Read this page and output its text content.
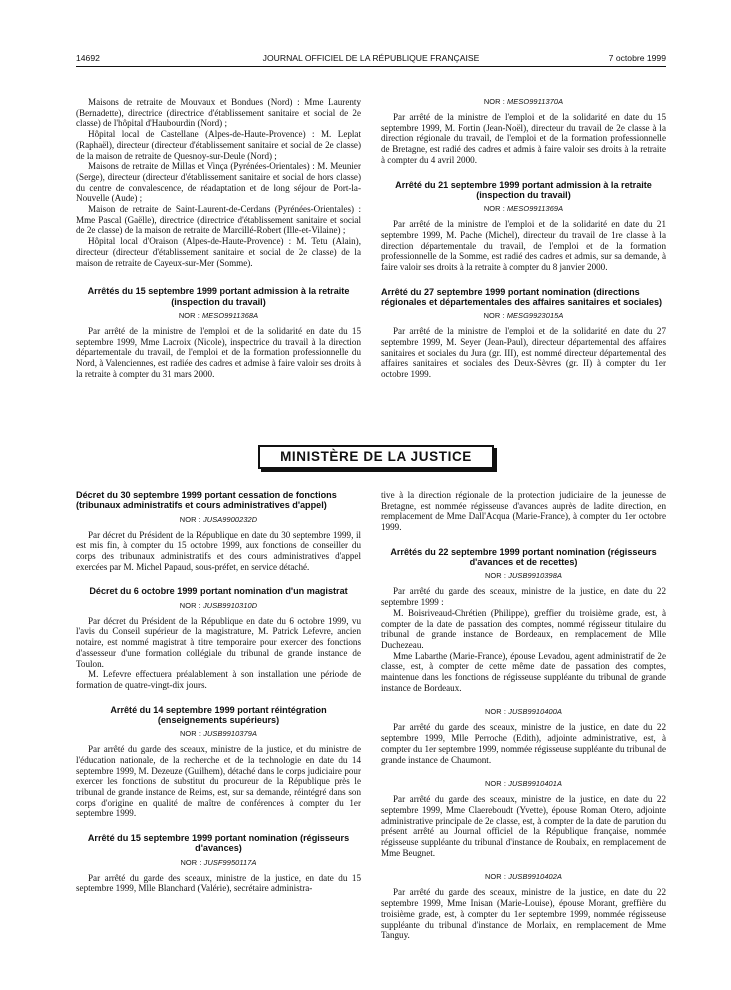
14692	JOURNAL OFFICIEL DE LA RÉPUBLIQUE FRANÇAISE	7 octobre 1999

Maisons de retraite de Mouvaux et Bondues (Nord) : Mme Laurenty (Bernadette), directrice (directrice d'établissement sanitaire et social de 2e classe) de l'hôpital d'Haubourdin (Nord) ;

Hôpital local de Castellane (Alpes-de-Haute-Provence) : M. Leplat (Raphaël), directeur (directeur d'établissement sanitaire et social de 2e classe) de la maison de retraite de Quesnoy-sur-Deule (Nord) ;

Maisons de retraite de Millas et Vinça (Pyrénées-Orientales) : M. Meunier (Serge), directeur (directeur d'établissement sanitaire et social de hors classe) du centre de convalescence, de réadaptation et de long séjour de Port-la-Nouvelle (Aude) ;

Maison de retraite de Saint-Laurent-de-Cerdans (Pyrénées-Orientales) : Mme Pascal (Gaëlle), directrice (directrice d'établissement sanitaire et social de 2e classe) de la maison de retraite de Marcillé-Robert (Ille-et-Vilaine) ;

Hôpital local d'Oraison (Alpes-de-Haute-Provence) : M. Tetu (Alain), directeur (directeur d'établissement sanitaire et social de 2e classe) de la maison de retraite de Cayeux-sur-Mer (Somme).

Arrêtés du 15 septembre 1999 portant admission à la retraite (inspection du travail)
NOR : MESO9911368A

Par arrêté de la ministre de l'emploi et de la solidarité en date du 15 septembre 1999, Mme Lacroix (Nicole), inspectrice du travail à la direction départementale du travail, de l'emploi et de la formation professionnelle du Nord, à Valenciennes, est radiée des cadres et admise à faire valoir ses droits à la retraite à compter du 31 mars 2000.

NOR : MESO9911370A

Par arrêté de la ministre de l'emploi et de la solidarité en date du 15 septembre 1999, M. Fortin (Jean-Noël), directeur du travail de 2e classe à la direction régionale du travail, de l'emploi et de la formation professionnelle de Bretagne, est radié des cadres et admis à faire valoir ses droits à la retraite à compter du 4 avril 2000.

Arrêté du 21 septembre 1999 portant admission à la retraite (inspection du travail)
NOR : MESO9911369A

Par arrêté de la ministre de l'emploi et de la solidarité en date du 21 septembre 1999, M. Pache (Michel), directeur du travail de 1re classe à la direction départementale du travail, de l'emploi et de la formation professionnelle de la Somme, est radié des cadres et admis, sur sa demande, à faire valoir ses droits à la retraite à compter du 8 janvier 2000.

Arrêté du 27 septembre 1999 portant nomination (directions régionales et départementales des affaires sanitaires et sociales)
NOR : MESG9923015A

Par arrêté de la ministre de l'emploi et de la solidarité en date du 27 septembre 1999, M. Seyer (Jean-Paul), directeur départemental des affaires sanitaires et sociales du Jura (gr. III), est nommé directeur départemental des affaires sanitaires et sociales des Deux-Sèvres (gr. II) à compter du 1er octobre 1999.

MINISTÈRE DE LA JUSTICE
Décret du 30 septembre 1999 portant cessation de fonctions (tribunaux administratifs et cours administratives d'appel)
NOR : JUSA9900232D

Par décret du Président de la République en date du 30 septembre 1999, il est mis fin, à compter du 15 octobre 1999, aux fonctions de conseiller du corps des tribunaux administratifs et des cours administratives d'appel exercées par M. Michel Papaud, sous-préfet, en service détaché.

Décret du 6 octobre 1999 portant nomination d'un magistrat
NOR : JUSB9910310D

Par décret du Président de la République en date du 6 octobre 1999, vu l'avis du Conseil supérieur de la magistrature, M. Patrick Lefevre, ancien notaire, est nommé magistrat à titre temporaire pour exercer des fonctions d'assesseur d'une formation collégiale du tribunal de grande instance de Toulon.

M. Lefevre effectuera préalablement à son installation une période de formation de quatre-vingt-dix jours.

Arrêté du 14 septembre 1999 portant réintégration (enseignements supérieurs)
NOR : JUSB9910379A

Par arrêté du garde des sceaux, ministre de la justice, et du ministre de l'éducation nationale, de la recherche et de la technologie en date du 14 septembre 1999, M. Dezeuze (Guilhem), détaché dans le corps judiciaire pour exercer les fonctions de substitut du procureur de la République près le tribunal de grande instance de Reims, est, sur sa demande, réintégré dans son corps d'origine en qualité de maître de conférences à compter du 1er septembre 1999.

Arrêté du 15 septembre 1999 portant nomination (régisseurs d'avances)
NOR : JUSF9950117A

Par arrêté du garde des sceaux, ministre de la justice, en date du 15 septembre 1999, Mlle Blanchard (Valérie), secrétaire administra-

tive à la direction régionale de la protection judiciaire de la jeunesse de Bretagne, est nommée régisseuse d'avances auprès de ladite direction, en remplacement de Mme Dall'Acqua (Marie-France), à compter du 1er octobre 1999.

Arrêtés du 22 septembre 1999 portant nomination (régisseurs d'avances et de recettes)
NOR : JUSB9910398A

Par arrêté du garde des sceaux, ministre de la justice, en date du 22 septembre 1999 :

M. Boisriveaud-Chrétien (Philippe), greffier du troisième grade, est, à compter de la date de passation des comptes, nommé régisseur titulaire du tribunal de grande instance de Bordeaux, en remplacement de Mlle Duchezeau.

Mme Labarthe (Marie-France), épouse Levadou, agent administratif de 2e classe, est, à compter de cette même date de passation des comptes, maintenue dans les fonctions de régisseuse suppléante du tribunal de grande instance de Bordeaux.

NOR : JUSB9910400A

Par arrêté du garde des sceaux, ministre de la justice, en date du 22 septembre 1999, Mlle Perroche (Edith), adjointe administrative, est, à compter du 1er septembre 1999, nommée régisseuse suppléante du tribunal de grande instance de Chaumont.

NOR : JUSB9910401A

Par arrêté du garde des sceaux, ministre de la justice, en date du 22 septembre 1999, Mme Claereboudt (Yvette), épouse Roman Otero, adjointe administrative principale de 2e classe, est, à compter de la date de parution du présent arrêté au Journal officiel de la République française, nommée régisseuse suppléante du tribunal d'instance de Roubaix, en remplacement de Mme Beugnet.

NOR : JUSB9910402A

Par arrêté du garde des sceaux, ministre de la justice, en date du 22 septembre 1999, Mme Inisan (Marie-Louise), épouse Morant, greffière du troisième grade, est, à compter du 1er septembre 1999, nommée régisseuse suppléante du tribunal d'instance de Morlaix, en remplacement de Mme Tanguy.
